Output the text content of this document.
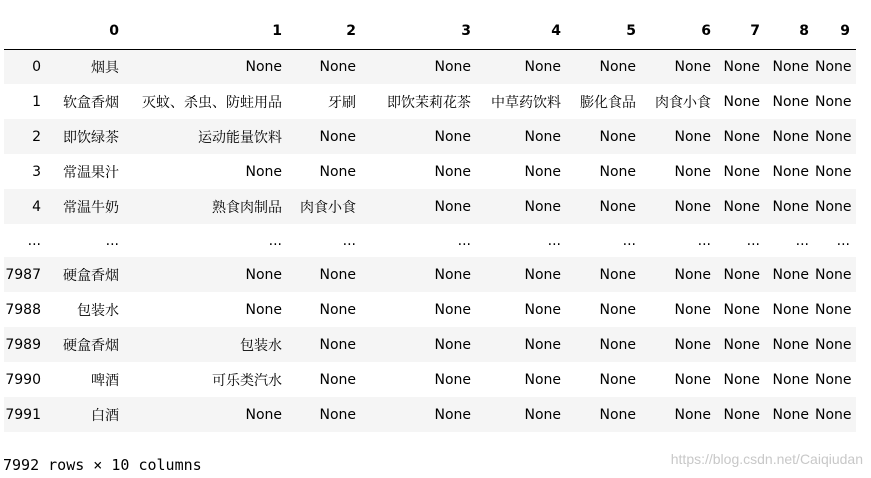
	0	1	2	3	4	5	6	7	8	9
0	烟具	None	None	None	None	None	None	None	None	None
1	软盒香烟	灭蚊、杀虫、防蛀用品	牙刷	即饮茉莉花茶	中草药饮料	膨化食品	肉食小食	None	None	None
2	即饮绿茶	运动能量饮料	None	None	None	None	None	None	None	None
3	常温果汁	None	None	None	None	None	None	None	None	None
4	常温牛奶	熟食肉制品	肉食小食	None	None	None	None	None	None	None
...	...	...	...	...	...	...	...	...	...	...
7987	硬盒香烟	None	None	None	None	None	None	None	None	None
7988	包装水	None	None	None	None	None	None	None	None	None
7989	硬盒香烟	包装水	None	None	None	None	None	None	None	None
7990	啤酒	可乐类汽水	None	None	None	None	None	None	None	None
7991	白酒	None	None	None	None	None	None	None	None	None
7992 rows × 10 columns	https://blog.csdn.net/Caiqiudan
